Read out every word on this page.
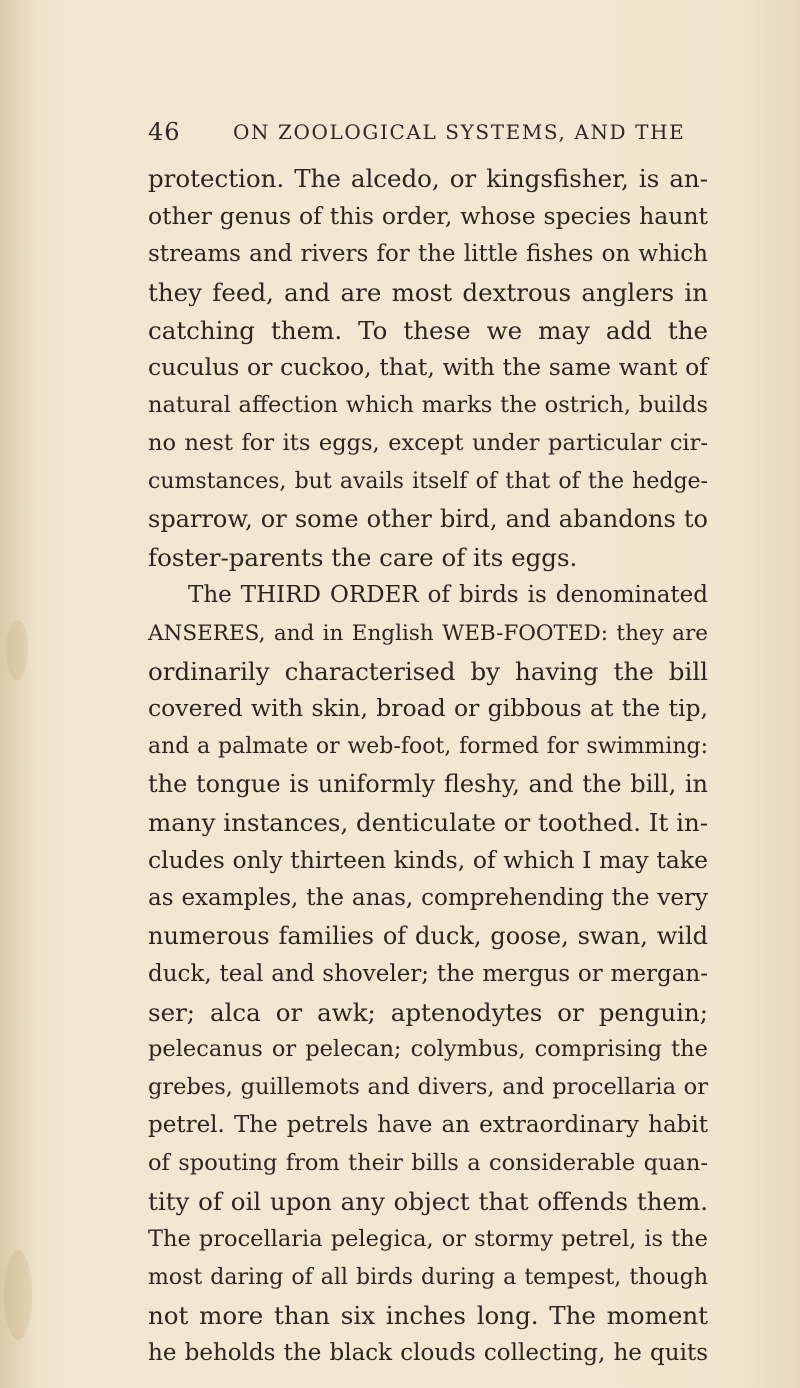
46	ON ZOOLOGICAL SYSTEMS, AND THE
protection. The alcedo, or kingsfisher, is an-
other genus of this order, whose species haunt
streams and rivers for the little fishes on which
they feed, and are most dextrous anglers in
catching them. To these we may add the
cuculus or cuckoo, that, with the same want of
natural affection which marks the ostrich, builds
no nest for its eggs, except under particular cir-
cumstances, but avails itself of that of the hedge-
sparrow, or some other bird, and abandons to
foster-parents the care of its eggs.
The THIRD ORDER of birds is denominated
ANSERES, and in English WEB-FOOTED: they are
ordinarily characterised by having the bill
covered with skin, broad or gibbous at the tip,
and a palmate or web-foot, formed for swimming:
the tongue is uniformly fleshy, and the bill, in
many instances, denticulate or toothed. It in-
cludes only thirteen kinds, of which I may take
as examples, the anas, comprehending the very
numerous families of duck, goose, swan, wild
duck, teal and shoveler; the mergus or mergan-
ser; alca or awk; aptenodytes or penguin;
pelecanus or pelecan; colymbus, comprising the
grebes, guillemots and divers, and procellaria or
petrel. The petrels have an extraordinary habit
of spouting from their bills a considerable quan-
tity of oil upon any object that offends them.
The procellaria pelegica, or stormy petrel, is the
most daring of all birds during a tempest, though
not more than six inches long. The moment
he beholds the black clouds collecting, he quits
